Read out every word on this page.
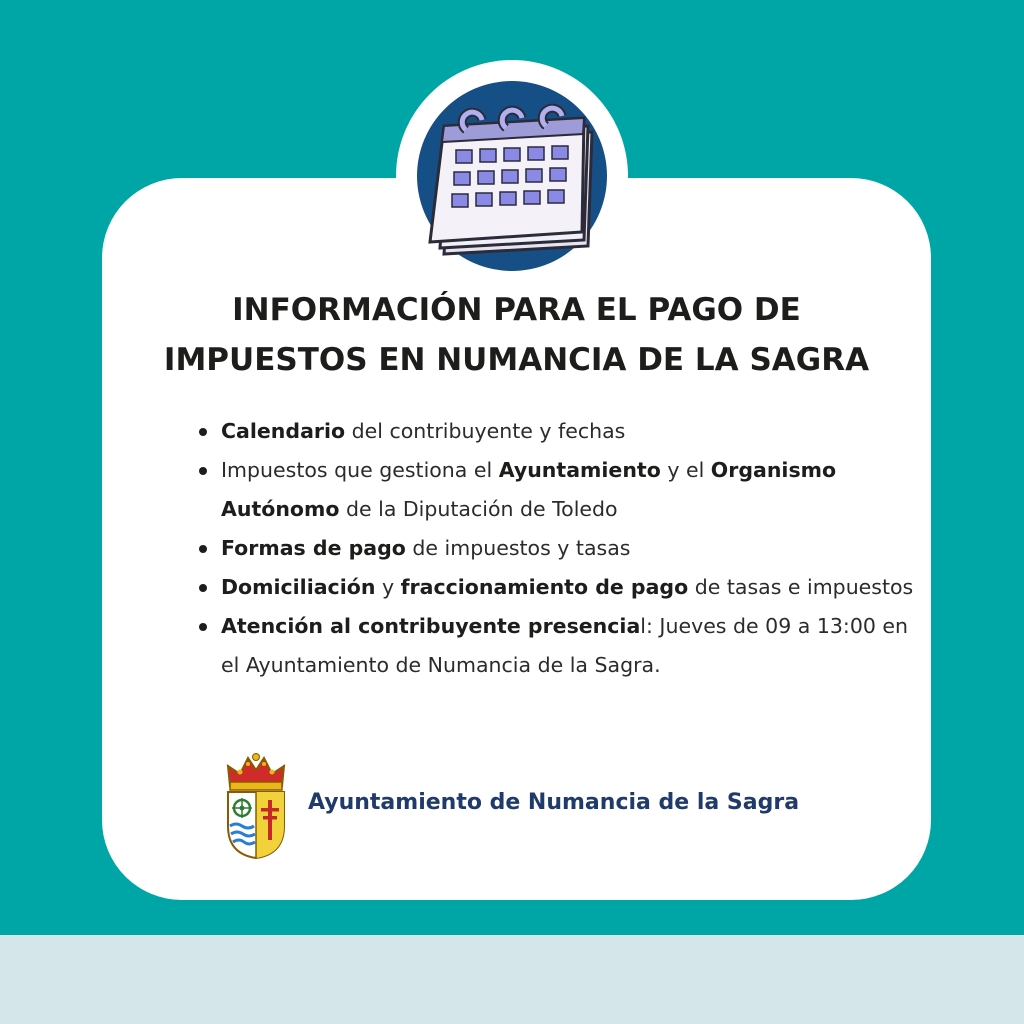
INFORMACIÓN PARA EL PAGO DE
IMPUESTOS EN NUMANCIA DE LA SAGRA
Calendario del contribuyente y fechas
Impuestos que gestiona el Ayuntamiento y el Organismo
Autónomo de la Diputación de Toledo
Formas de pago de impuestos y tasas
Domiciliación y fraccionamiento de pago de tasas e impuestos
Atención al contribuyente presencial: Jueves de 09 a 13:00 en el Ayuntamiento de Numancia de la Sagra.
Ayuntamiento de Numancia de la Sagra
